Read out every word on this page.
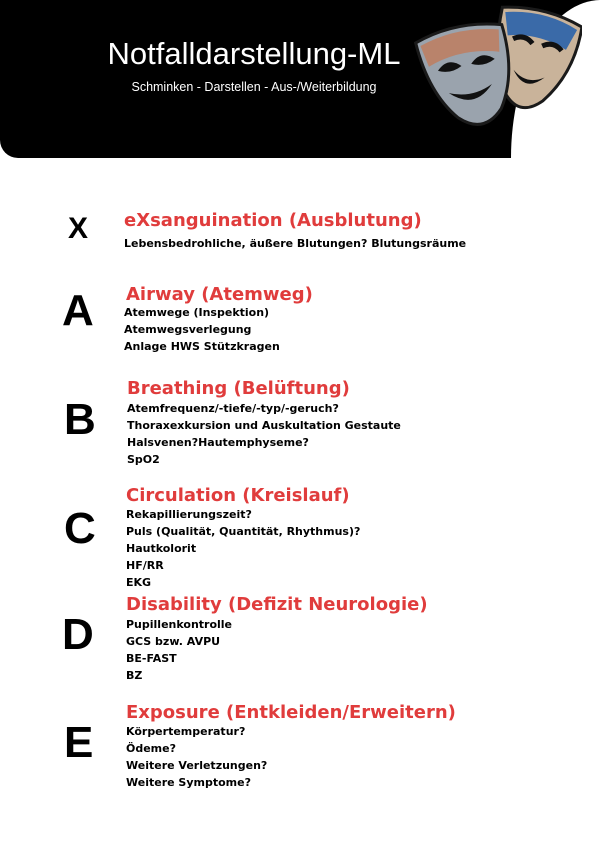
Notfalldarstellung-ML
Schminken - Darstellen - Aus-/Weiterbildung
X eXsanguination (Ausblutung)
Lebensbedrohliche, äußere Blutungen? Blutungsräume
A Airway (Atemweg)
Atemwege (Inspektion)
Atemwegsverlegung
Anlage HWS Stützkragen
B
Breathing (Belüftung)
Atemfrequenz/-tiefe/-typ/-geruch?
Thoraxexkursion und Auskultation Gestaute
Halsvenen?Hautemphyseme?
SpO2
C
Circulation (Kreislauf)
Rekapillierungszeit?
Puls (Qualität, Quantität, Rhythmus)?
Hautkolorit
HF/RR
EKG
D
Disability (Defizit Neurologie)
Pupillenkontrolle
GCS bzw. AVPU
BE-FAST
BZ
E
Exposure (Entkleiden/Erweitern)
Körpertemperatur?
Ödeme?
Weitere Verletzungen?
Weitere Symptome?
